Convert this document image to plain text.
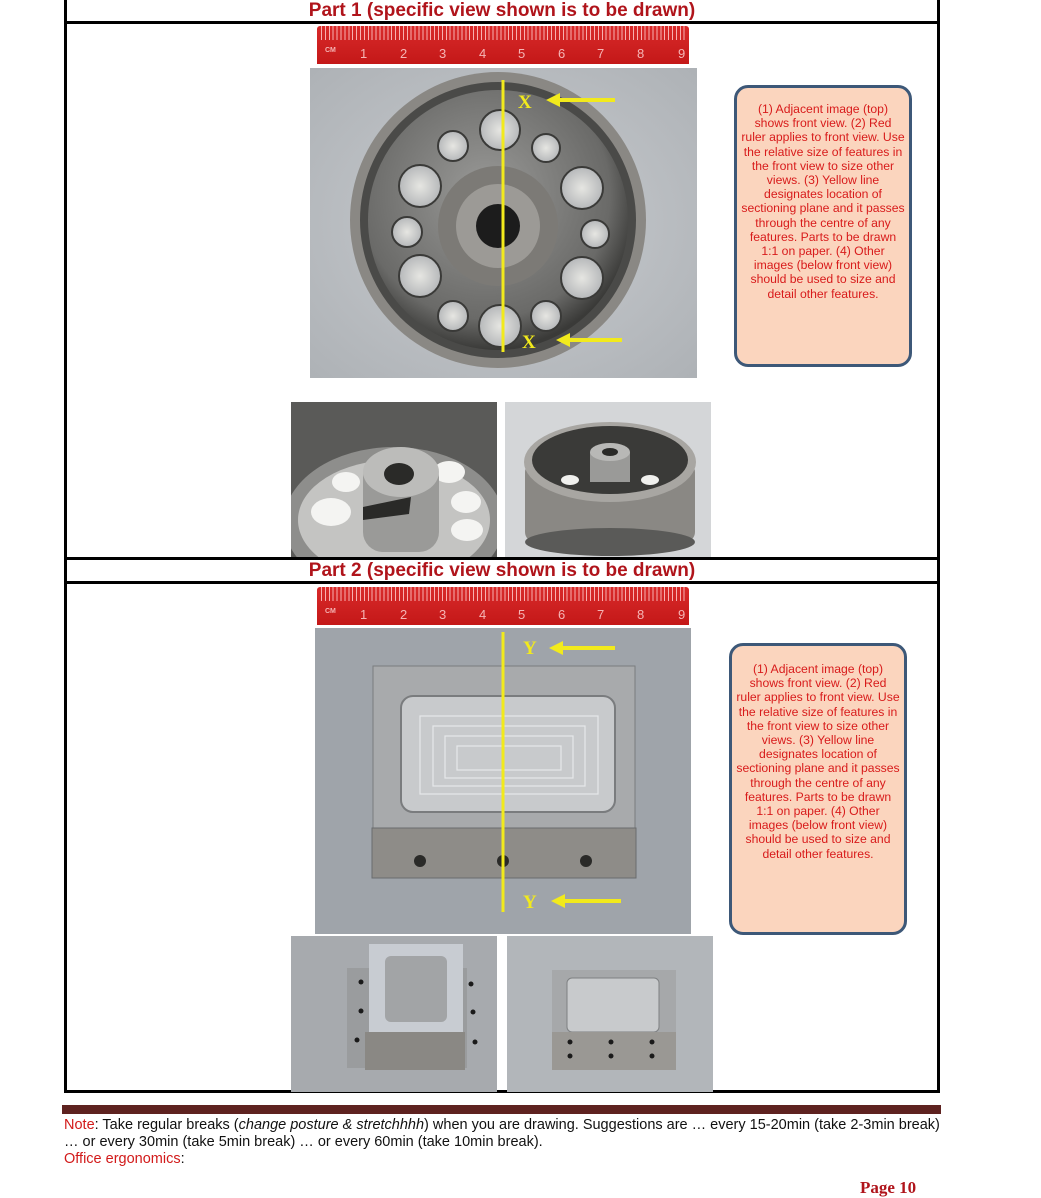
Part 1 (specific view shown is to be drawn)
CM 1	2 3	4 5	6 7	8	9
X
X
(1) Adjacent image (top) shows front view. (2) Red ruler applies to front view. Use the relative size of features in the front view to size other views. (3) Yellow line designates location of sectioning plane and it passes through the centre of any features. Parts to be drawn 1:1 on paper. (4) Other images (below front view) should be used to size and detail other features.
Part 2 (specific view shown is to be drawn)
CM 1	2 3	4 5	6 7	8	9
Y
Y
(1) Adjacent image (top) shows front view. (2) Red ruler applies to front view. Use the relative size of features in the front view to size other views. (3) Yellow line designates location of sectioning plane and it passes through the centre of any features. Parts to be drawn 1:1 on paper. (4) Other images (below front view) should be used to size and detail other features.
Note: Take regular breaks (change posture & stretchhhh) when you are drawing. Suggestions are … every 15-20min (take 2-3min break) … or every 30min (take 5min break) … or every 60min (take 10min break).
Office ergonomics:
Page 10
